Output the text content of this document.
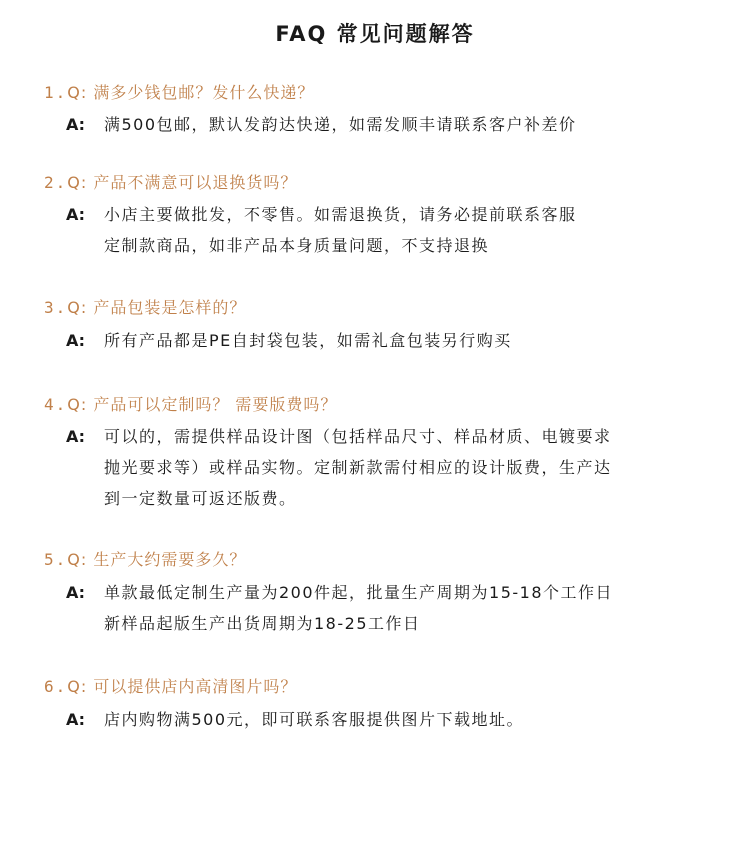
FAQ 常见问题解答
1.Q: 满多少钱包邮？发什么快递？
A: 满500包邮，默认发韵达快递，如需发顺丰请联系客户补差价
2.Q: 产品不满意可以退换货吗？
A: 小店主要做批发，不零售。如需退换货，请务必提前联系客服
定制款商品，如非产品本身质量问题，不支持退换
3.Q: 产品包装是怎样的？
A: 所有产品都是PE自封袋包装，如需礼盒包装另行购买
4.Q: 产品可以定制吗？ 需要版费吗？
A: 可以的，需提供样品设计图（包括样品尺寸、样品材质、电镀要求
抛光要求等）或样品实物。定制新款需付相应的设计版费，生产达
到一定数量可返还版费。
5.Q: 生产大约需要多久？
A: 单款最低定制生产量为200件起，批量生产周期为15-18个工作日
新样品起版生产出货周期为18-25工作日
6.Q: 可以提供店内高清图片吗？
A: 店内购物满500元，即可联系客服提供图片下载地址。
